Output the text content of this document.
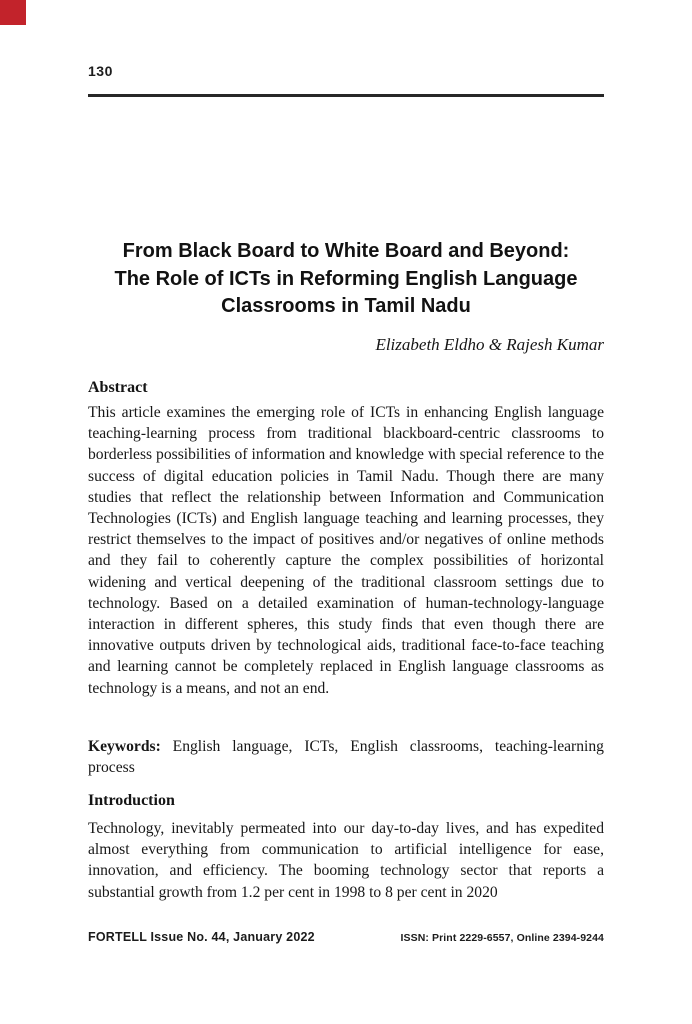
130
From Black Board to White Board and Beyond:
The Role of ICTs in Reforming English Language
Classrooms in Tamil Nadu
Elizabeth Eldho & Rajesh Kumar
Abstract

This article examines the emerging role of ICTs in enhancing English language teaching-learning process from traditional blackboard-centric classrooms to borderless possibilities of information and knowledge with special reference to the success of digital education policies in Tamil Nadu. Though there are many studies that reflect the relationship between Information and Communication Technologies (ICTs) and English language teaching and learning processes, they restrict themselves to the impact of positives and/or negatives of online methods and they fail to coherently capture the complex possibilities of horizontal widening and vertical deepening of the traditional classroom settings due to technology. Based on a detailed examination of human-technology-language interaction in different spheres, this study finds that even though there are innovative outputs driven by technological aids, traditional face-to-face teaching and learning cannot be completely replaced in English language classrooms as technology is a means, and not an end.

Keywords: English language, ICTs, English classrooms, teaching-learning process

Introduction

Technology, inevitably permeated into our day-to-day lives, and has expedited almost everything from communication to artificial intelligence for ease, innovation, and efficiency. The booming technology sector that reports a substantial growth from 1.2 per cent in 1998 to 8 per cent in 2020

FORTELL Issue No. 44, January 2022	ISSN: Print 2229-6557, Online 2394-9244
